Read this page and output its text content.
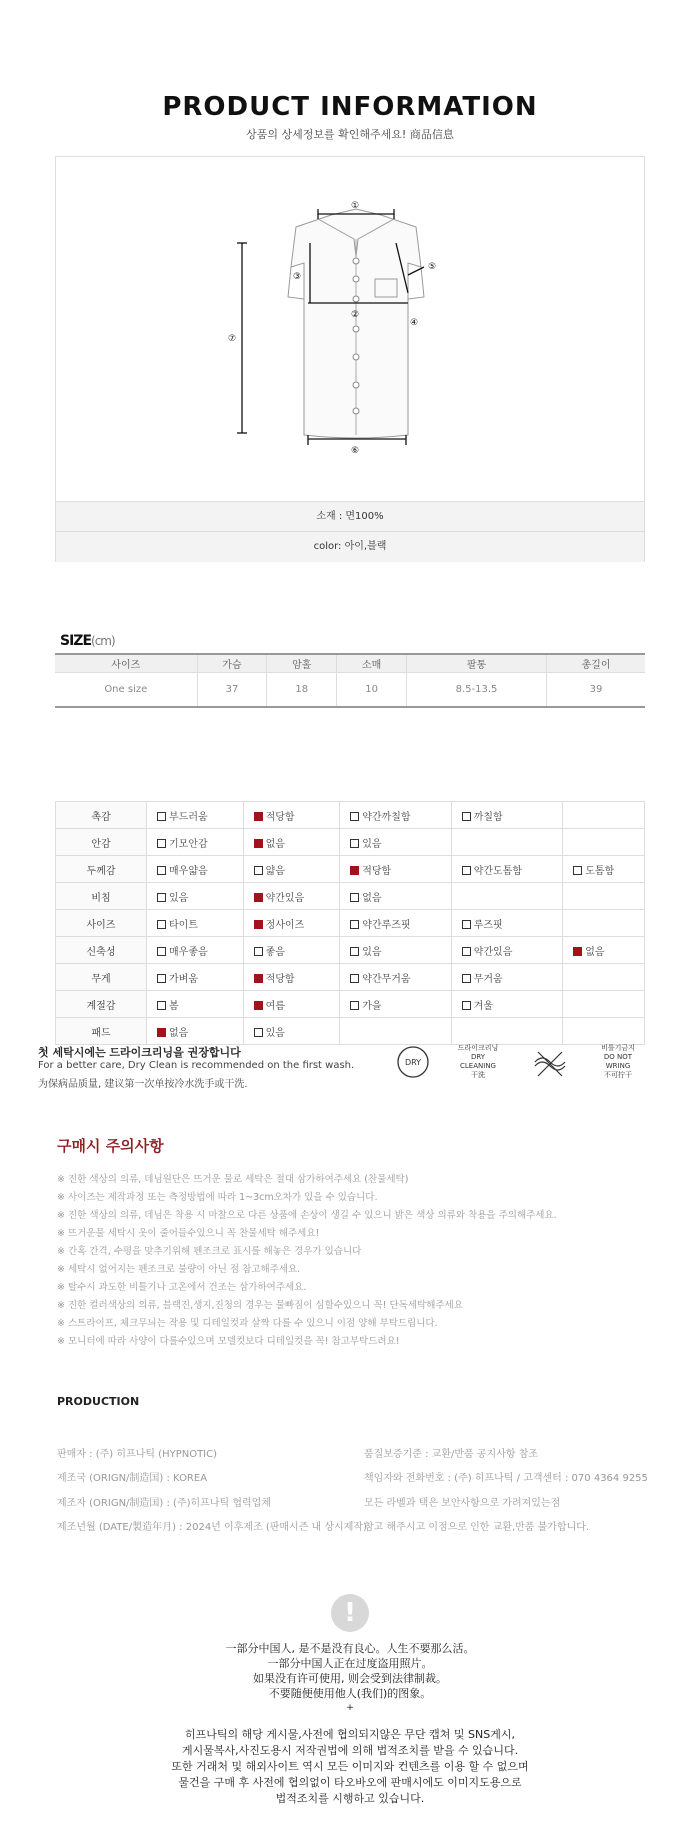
PRODUCT INFORMATION
상품의 상세정보를 확인해주세요! 商品信息
①
②
③
④
⑤
⑥
⑦
소재 : 면100%
color: 아이,블랙
SIZE(cm)
사이즈	가슴	암홀	소매	팔통	총길이
One size	37	18	10	8.5-13.5	39
촉감	부드러움	적당함	약간까칠함	까칠함	
안감	기모안감	없음	있음		
두께감	매우얇음	얇음	적당함	약간도톰함	도톰함
비침	있음	약간있음	없음		
사이즈	타이트	정사이즈	약간루즈핏	루즈핏	
신축성	매우좋음	좋음	있음	약간있음	없음
무게	가벼움	적당함	약간무거움	무거움	
계절감	봄	여름	가을	겨울	
패드	없음	있음			
첫 세탁시에는 드라이크리닝을 권장합니다
For a better care, Dry Clean is recommended on the first wash.
为保病品质量, 建议第一次单按冷水洗手或干洗.
DRY
드라이크리닝
DRY
CLEANING
干洗
비틀기금지
DO NOT
WRING
不可拧干
구매시 주의사항
※ 진한 색상의 의류, 데님원단은 뜨거운 물로 세탁은 절대 삼가하여주세요 (찬물세탁)
※ 사이즈는 제작과정 또는 측정방법에 따라 1~3cm오차가 있을 수 있습니다.
※ 진한 색상의 의류, 데님은 착용 시 마찰으로 다른 상품에 손상이 생길 수 있으니 밝은 색상 의류와 착용을 주의해주세요.
※ 뜨거운물 세탁시 옷이 줄어들수있으니 꼭 찬물세탁 해주세요!
※ 간혹 간격, 수평을 맞추기위해 펜조크로 표시를 해놓은 경우가 있습니다
※ 세탁시 없어지는 펜조크로 불량이 아닌 점 참고해주세요.
※ 탈수시 과도한 비틀기나 고온에서 건조는 삼가하여주세요.
※ 진한 컬러색상의 의류, 블랙진,생지,진청의 경우는 물빠짐이 심할수있으니 꼭! 단독세탁해주세요
※ 스트라이프, 체크무늬는 작용 및 디테일컷과 살짝 다를 수 있으니 이점 양해 부탁드립니다.
※ 모니터에 따라 사양이 다를수있으며 모델컷보다 디테일컷을 꼭! 참고부탁드려요!
PRODUCTION
판매자 : (주) 히프나틱 (HYPNOTIC)
제조국 (ORIGN/制造国) : KOREA
제조자 (ORIGN/制造国) : (주)히프나틱 협력업체
제조년월 (DATE/製造年月) : 2024년 이후제조 (판매시즌 내 상시제작)
품질보증기준 : 교환/반품 공지사항 참조
책임자와 전화번호 : (주) 히프나틱 / 고객센터 : 070 4364 9255
모든 라벨과 택은 보안사항으로 가려져있는점
참고 해주시고 이점으로 인한 교환,반품 불가합니다.
!
一部分中国人, 是不是没有良心。人生不要那么活。
一部分中国人正在过度盗用照片。
如果没有许可使用, 则会受到法律制裁。
不要随便使用他人(我们)的图象。
+
히프나틱의 해당 게시물,사전에 협의되지않은 무단 캡쳐 및 SNS게시,
게시물복사,사진도용시 저작권법에 의해 법적조치를 받을 수 있습니다.
또한 거래처 및 해외사이트 역시 모든 이미지와 컨텐츠를 이용 할 수 없으며
물건을 구매 후 사전에 협의없이 타오바오에 판매시에도 이미지도용으로
법적조치를 시행하고 있습니다.
